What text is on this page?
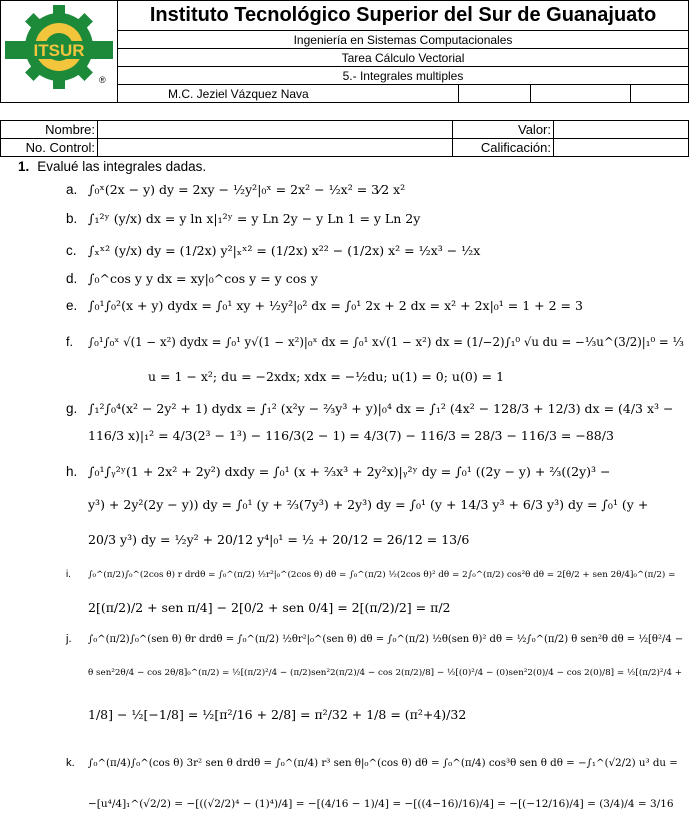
ITSUR
®
Instituto Tecnológico Superior del Sur de Guanajuato
Ingeniería en Sistemas Computacionales
Tarea Cálculo Vectorial
5.- Integrales multiples
M.C. Jeziel Vázquez Nava
Nombre:		Valor:	
No. Control:		Calificación:	
1. Evalué las integrales dadas.
a. ∫₀ˣ(2x − y) dy = 2xy − ½y²|₀ˣ = 2x² − ½x² = 3⁄2 x²
b. ∫₁²ʸ (y/x) dx = y ln x|₁²ʸ = y Ln 2y − y Ln 1 = y Ln 2y
c. ∫ₓˣ² (y/x) dy = (1/2x) y²|ₓˣ² = (1/2x) x²² − (1/2x) x² = ½x³ − ½x
d. ∫₀^cos y y dx = xy|₀^cos y = y cos y
e. ∫₀¹∫₀²(x + y) dydx = ∫₀¹ xy + ½y²|₀² dx = ∫₀¹ 2x + 2 dx = x² + 2x|₀¹ = 1 + 2 = 3
f. ∫₀¹∫₀ˣ √(1 − x²) dydx = ∫₀¹ y√(1 − x²)|₀ˣ dx = ∫₀¹ x√(1 − x²) dx = (1/−2)∫₁⁰ √u du = −⅓u^(3/2)|₁⁰ = ⅓
u = 1 − x²; du = −2xdx; xdx = −½du; u(1) = 0; u(0) = 1
g. ∫₁²∫₀⁴(x² − 2y² + 1) dydx = ∫₁² (x²y − ⅔y³ + y)|₀⁴ dx = ∫₁² (4x² − 128/3 + 12/3) dx = (4/3 x³ −
116/3 x)|₁² = 4/3(2³ − 1³) − 116/3(2 − 1) = 4/3(7) − 116/3 = 28/3 − 116/3 = −88/3
h. ∫₀¹∫ᵧ²ʸ(1 + 2x² + 2y²) dxdy = ∫₀¹ (x + ⅔x³ + 2y²x)|ᵧ²ʸ dy = ∫₀¹ ((2y − y) + ⅔((2y)³ −
y³) + 2y²(2y − y)) dy = ∫₀¹ (y + ⅔(7y³) + 2y³) dy = ∫₀¹ (y + 14/3 y³ + 6/3 y³) dy = ∫₀¹ (y +
20/3 y³) dy = ½y² + 20/12 y⁴|₀¹ = ½ + 20/12 = 26/12 = 13/6
i. ∫₀^(π/2)∫₀^(2cos θ) r drdθ = ∫₀^(π/2) ½r²|₀^(2cos θ) dθ = ∫₀^(π/2) ½(2cos θ)² dθ = 2∫₀^(π/2) cos²θ dθ = 2[θ/2 + sen 2θ/4]₀^(π/2) =
2[(π/2)/2 + sen π/4] − 2[0/2 + sen 0/4] = 2[(π/2)/2] = π/2
j. ∫₀^(π/2)∫₀^(sen θ) θr drdθ = ∫₀^(π/2) ½θr²|₀^(sen θ) dθ = ∫₀^(π/2) ½θ(sen θ)² dθ = ½∫₀^(π/2) θ sen²θ dθ = ½[θ²/4 −
θ sen²2θ/4 − cos 2θ/8]₀^(π/2) = ½[(π/2)²/4 − (π/2)sen²2(π/2)/4 − cos 2(π/2)/8] − ½[(0)²/4 − (0)sen²2(0)/4 − cos 2(0)/8] = ½[(π/2)²/4 +
1/8] − ½[−1/8] = ½[π²/16 + 2/8] = π²/32 + 1/8 = (π²+4)/32
k. ∫₀^(π/4)∫₀^(cos θ) 3r² sen θ drdθ = ∫₀^(π/4) r³ sen θ|₀^(cos θ) dθ = ∫₀^(π/4) cos³θ sen θ dθ = −∫₁^(√2/2) u³ du =
−[u⁴/4]₁^(√2/2) = −[((√2/2)⁴ − (1)⁴)/4] = −[(4/16 − 1)/4] = −[((4−16)/16)/4] = −[(−12/16)/4] = (3/4)/4 = 3/16
